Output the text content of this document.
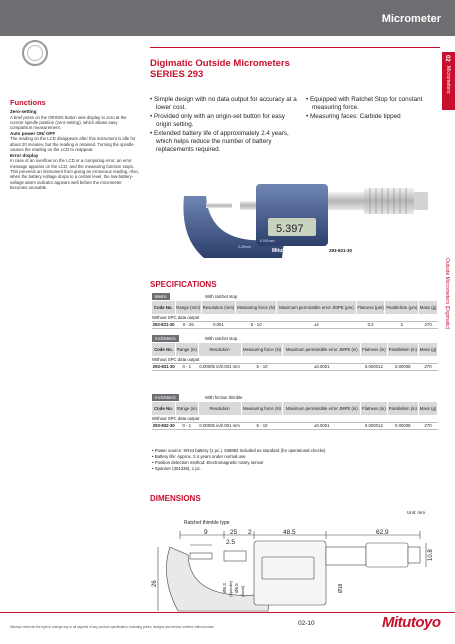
Micrometer
02
Micrometers
Outside Micrometers (Digimatic)
Digimatic Outside Micrometers
SERIES 293
Functions
Zero-setting
A brief press on the ORIGIN button sets display to zero at the current spindle position (zero-setting), which allows easy comparison measurement.
Auto power ON/ OFF
The reading on the LCD disappears after this instrument is idle for about 20 minutes, but the reading is retained. Turning the spindle causes the reading on the LCD to reappear.
Error display
In case of an overflow on the LCD or a computing error, an error message appears on the LCD, and the measuring function stops. This prevents an instrument from giving an erroneous reading. Also, when the battery voltage drops to a certain level, the low-battery-voltage alarm indicator appears well before the micrometer becomes unusable.
• Simple design with no data output for accuracy at a lower cost.
• Provided only with an origin-set button for easy origin setting.
• Extended battery life of approximately 2.4 years, which helps reduce the number of battery replacements required.
• Equipped with Ratchet Stop for constant measuring force.
• Measuring faces: Carbide tipped
5.397
Mitutoyo
0-25mm
0.001mm
293-821-30
SPECIFICATIONS
Metric	With ratchet stop
Code No.	Range (mm)	Resolution (mm)	Measuring force (N)	Maximum permissible error JMPE (μm)	Flatness (μm)	Parallelism (μm)	Mass (g)
Without SPC data output							
293-821-30	0 - 25	0.001	5 - 10	±2	0.3	2	270
Inch/Metric	With ratchet stop
Code No.	Range (in)	Resolution	Measuring force (N)	Maximum permissible error JMPE (in)	Flatness (in)	Parallelism (in)	Mass (g)
Without SPC data output							
293-831-30	0 - 1	0.00005 in/0.001 mm	5 - 10	±0.0001	0.000012	0.00008	270
Inch/Metric	With friction thimble
Code No.	Range (in)	Resolution	Measuring force (N)	Maximum permissible error JMPE (in)	Flatness (in)	Parallelism (in)	Mass (g)
Without SPC data output							
293-832-30	0 - 1	0.00005 in/0.001 mm	5 - 10	±0.0001	0.000012	0.00008	270
• Power source: SR44 battery (1 pc.), 938882 included as standard (for operational checks)
• Battery life: Approx. 2.4 years under normal use
• Position detection method: Electromagnetic rotary sensor
• Spanner (301336), 1 pc.
DIMENSIONS
Unit: mm
Ratchet thimble type
9	25 2	48.5	62.9
2.5
10.8
26	Ø18
Ø6.3 (Spindle) Ø6.5 (Anvil)
Mitutoyo reserves the right to change any or all aspects of any product specification, including prices, designs and service content, without notice.	02-10	Mitutoyo
